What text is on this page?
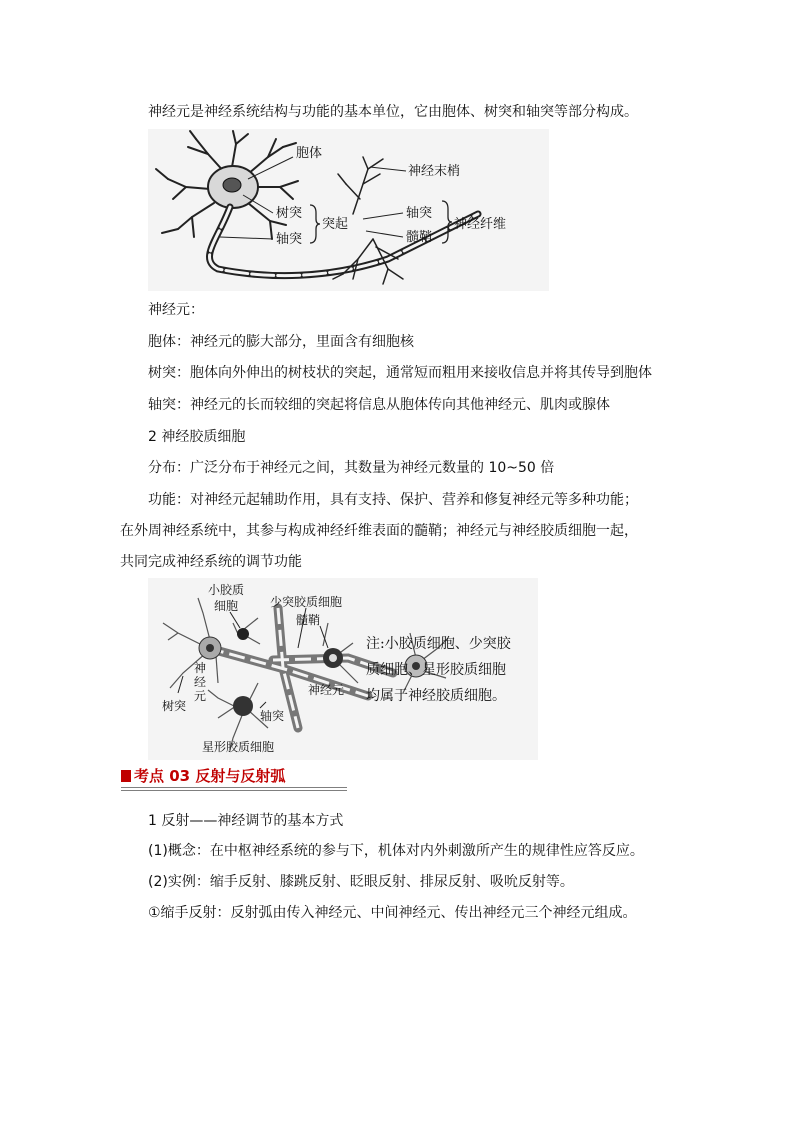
神经元是神经系统结构与功能的基本单位，它由胞体、树突和轴突等部分构成。
胞体
神经末梢
树突
突起
轴突
轴突
髓鞘
神经纤维
神经元：
胞体：神经元的膨大部分，里面含有细胞核
树突：胞体向外伸出的树枝状的突起，通常短而粗用来接收信息并将其传导到胞体
轴突：神经元的长而较细的突起将信息从胞体传向其他神经元、肌肉或腺体
2 神经胶质细胞
分布：广泛分布于神经元之间，其数量为神经元数量的 10~50 倍
功能：对神经元起辅助作用，具有支持、保护、营养和修复神经元等多种功能；
在外周神经系统中，其参与构成神经纤维表面的髓鞘；神经元与神经胶质细胞一起，
共同完成神经系统的调节功能
小胶质
细胞	少突胶质细胞
髓鞘
神
经
元	神经元
树突
轴突
星形胶质细胞
注:小胶质细胞、少突胶
质细胞、星形胶质细胞
均属于神经胶质细胞。
考点 03 反射与反射弧
1 反射——神经调节的基本方式
(1)概念：在中枢神经系统的参与下，机体对内外刺激所产生的规律性应答反应。
(2)实例：缩手反射、膝跳反射、眨眼反射、排尿反射、吸吮反射等。
①缩手反射：反射弧由传入神经元、中间神经元、传出神经元三个神经元组成。
